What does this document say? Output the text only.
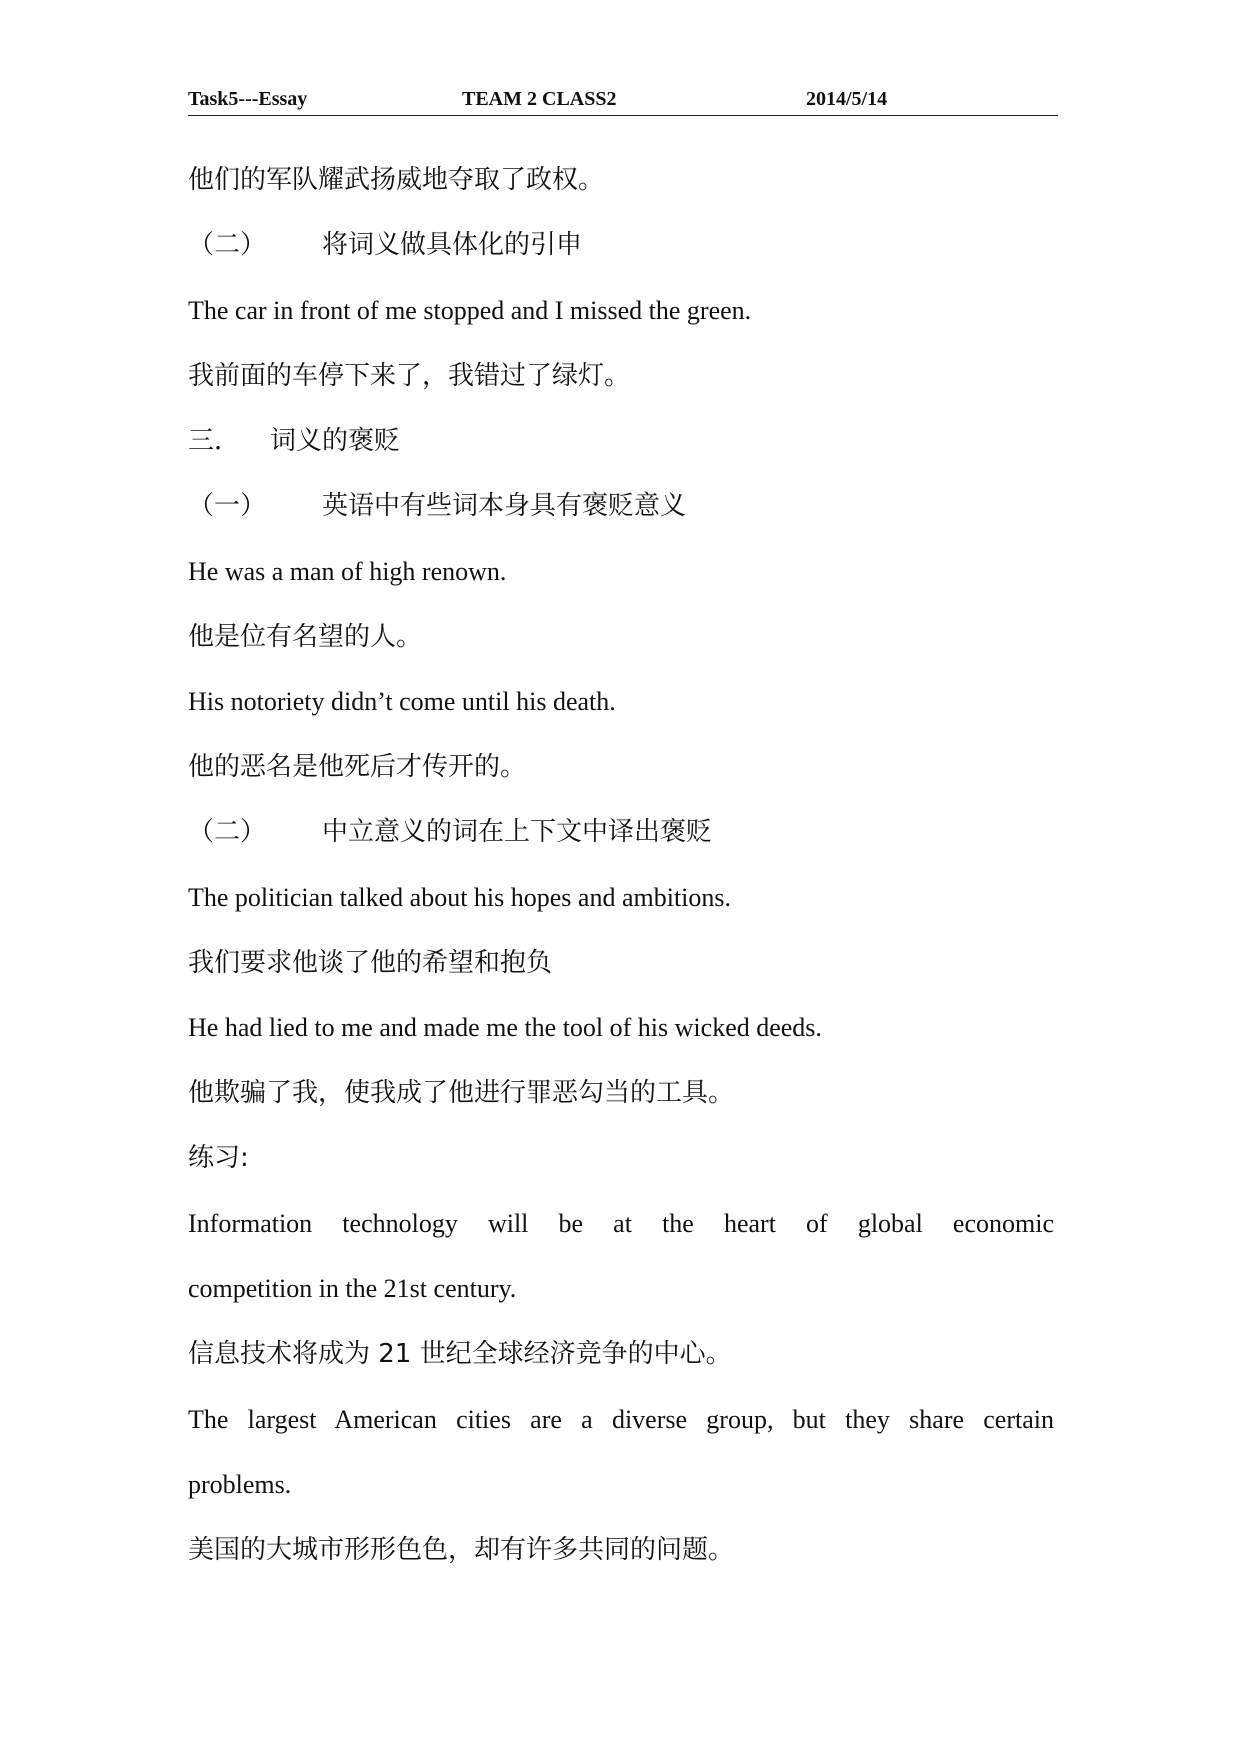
Task5---Essay	TEAM 2 CLASS2	2014/5/14
他们的军队耀武扬威地夺取了政权。
（二） 将词义做具体化的引申
The car in front of me stopped and I missed the green.
我前面的车停下来了，我错过了绿灯。
三． 词义的褒贬
（一） 英语中有些词本身具有褒贬意义
He was a man of high renown.
他是位有名望的人。
His notoriety didn’t come until his death.
他的恶名是他死后才传开的。
（二） 中立意义的词在上下文中译出褒贬
The politician talked about his hopes and ambitions.
我们要求他谈了他的希望和抱负
He had lied to me and made me the tool of his wicked deeds.
他欺骗了我，使我成了他进行罪恶勾当的工具。
练习:
Information technology will be at the heart of global economic
competition in the 21st century.
信息技术将成为 21 世纪全球经济竞争的中心。
The largest American cities are a diverse group, but they share certain
problems.
美国的大城市形形色色，却有许多共同的问题。
